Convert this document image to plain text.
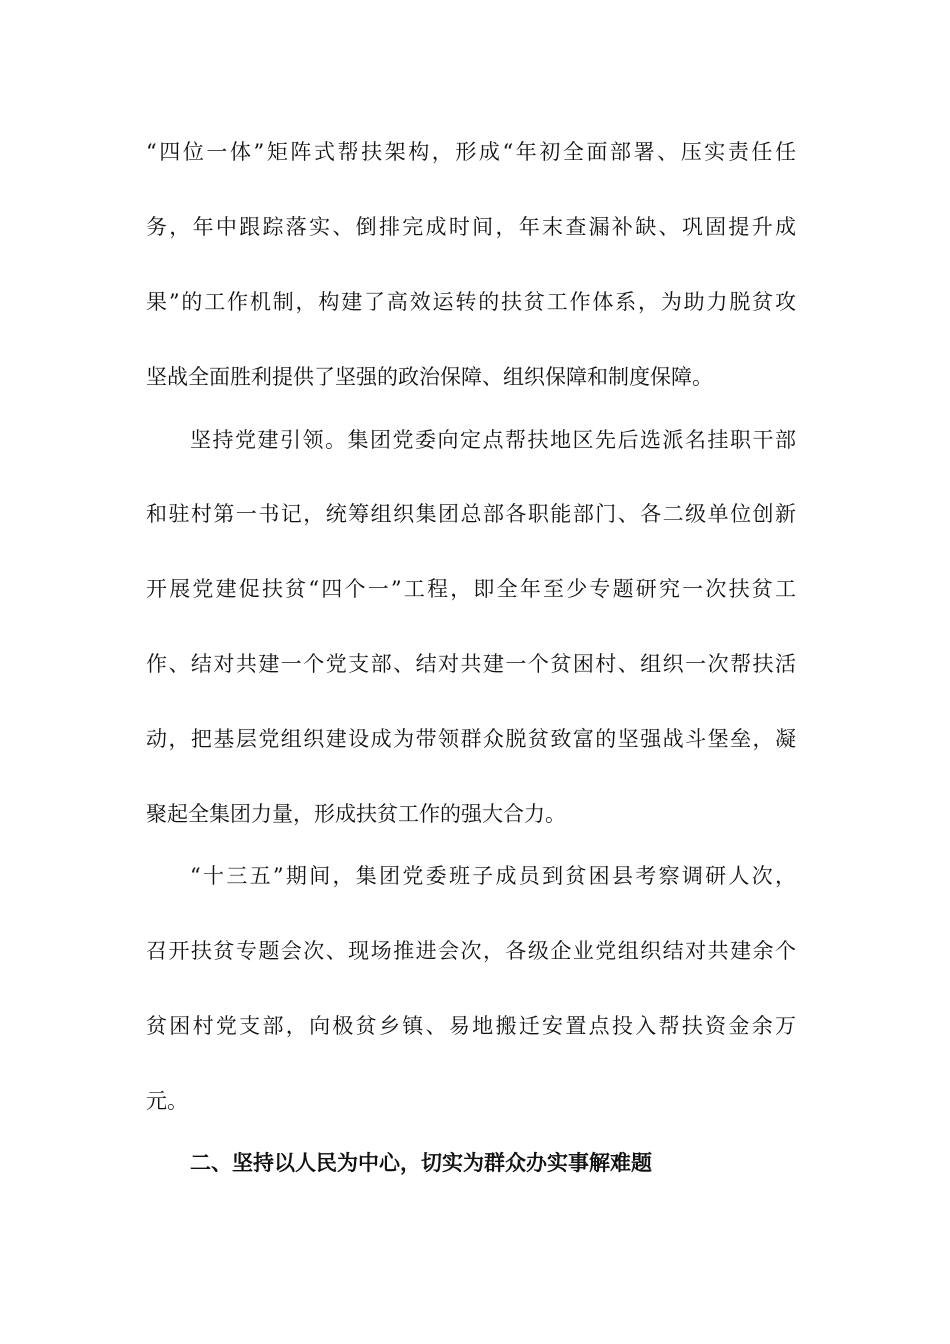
“四位一体”矩阵式帮扶架构，形成“年初全面部署、压实责任任
务，年中跟踪落实、倒排完成时间，年末查漏补缺、巩固提升成
果”的工作机制，构建了高效运转的扶贫工作体系，为助力脱贫攻
坚战全面胜利提供了坚强的政治保障、组织保障和制度保障。
坚持党建引领。集团党委向定点帮扶地区先后选派名挂职干部
和驻村第一书记，统筹组织集团总部各职能部门、各二级单位创新
开展党建促扶贫“四个一”工程，即全年至少专题研究一次扶贫工
作、结对共建一个党支部、结对共建一个贫困村、组织一次帮扶活
动，把基层党组织建设成为带领群众脱贫致富的坚强战斗堡垒，凝
聚起全集团力量，形成扶贫工作的强大合力。
“十三五”期间，集团党委班子成员到贫困县考察调研人次，
召开扶贫专题会次、现场推进会次，各级企业党组织结对共建余个
贫困村党支部，向极贫乡镇、易地搬迁安置点投入帮扶资金余万
元。
二、坚持以人民为中心，切实为群众办实事解难题
